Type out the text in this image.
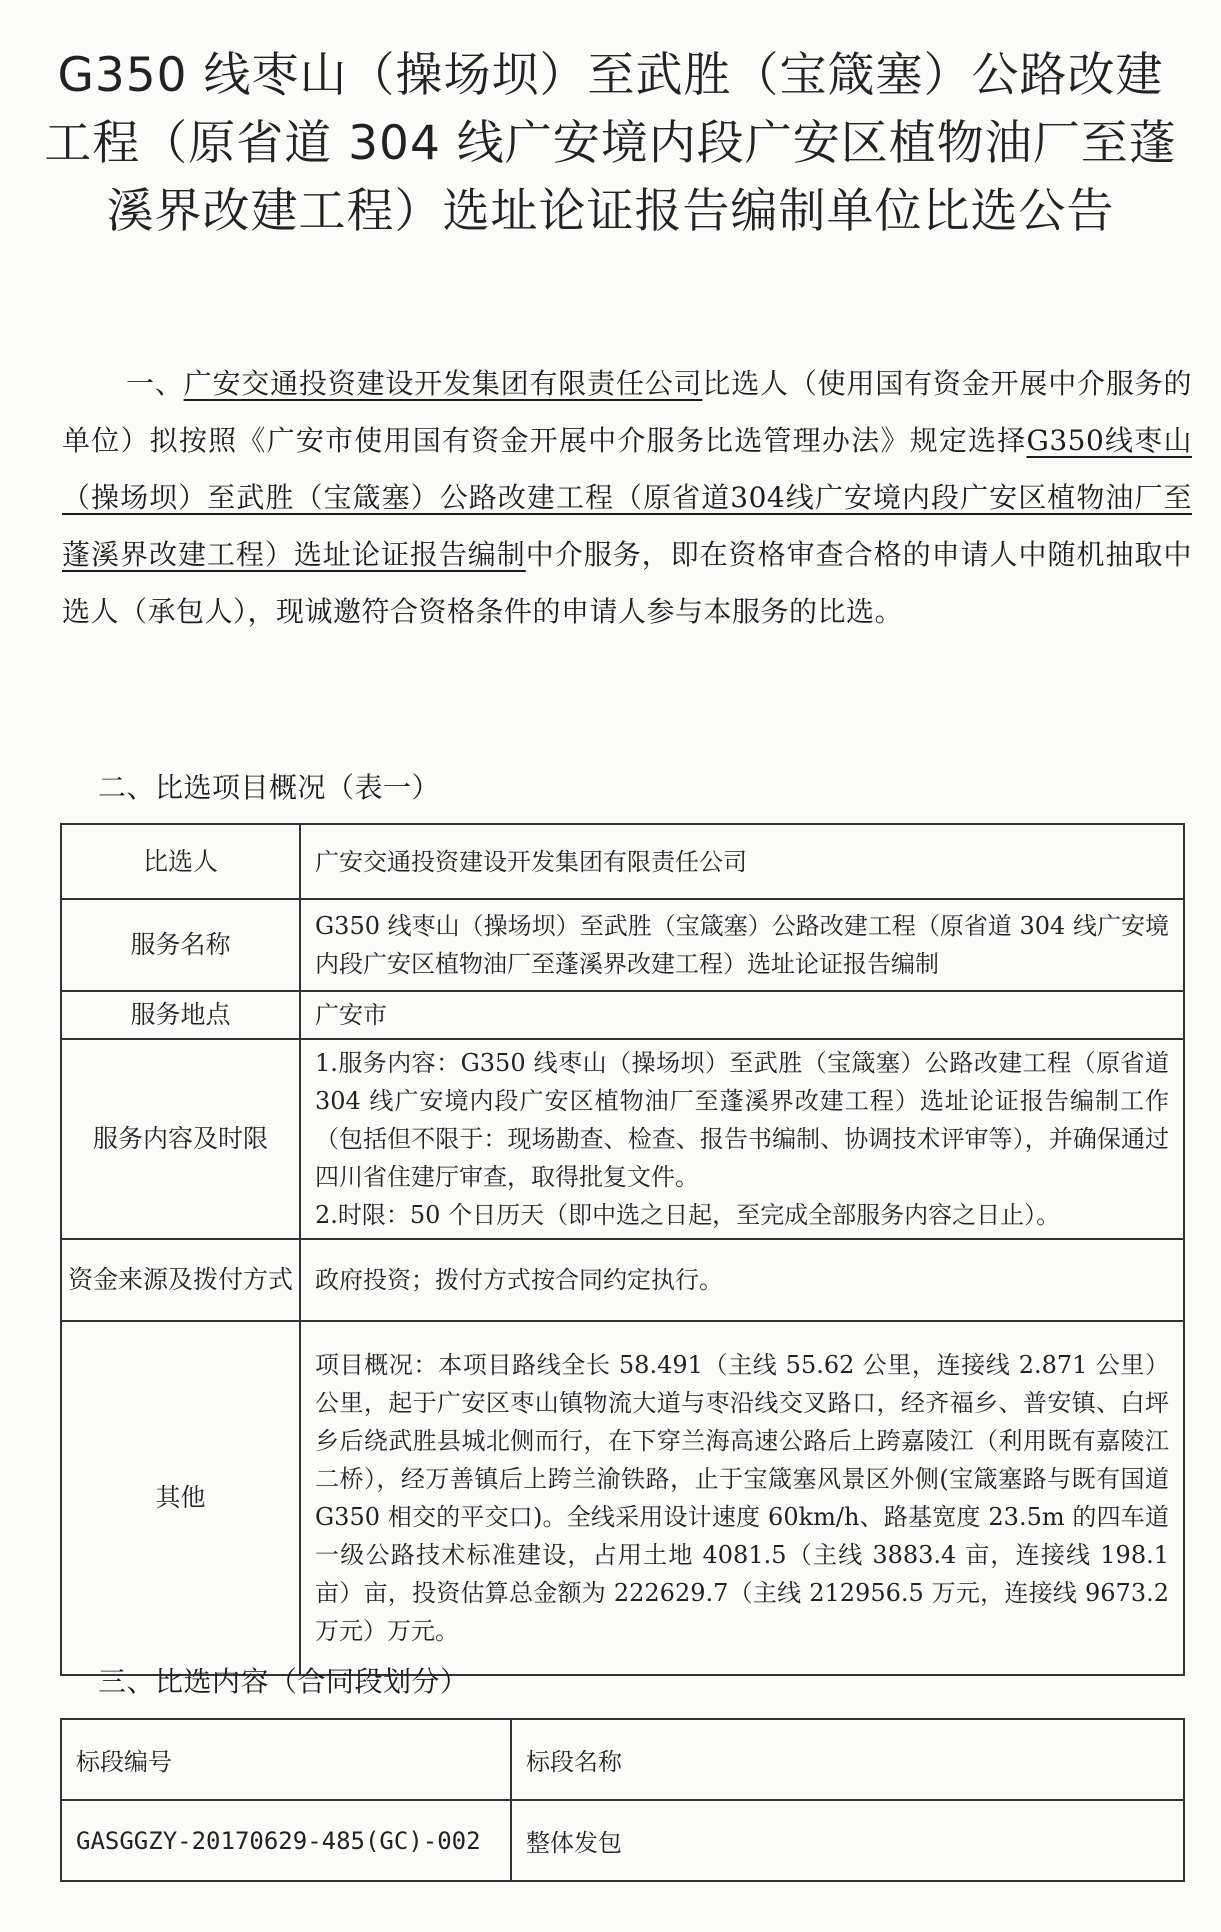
G350 线枣山（操场坝）至武胜（宝箴塞）公路改建
工程（原省道 304 线广安境内段广安区植物油厂至蓬
溪界改建工程）选址论证报告编制单位比选公告

一、广安交通投资建设开发集团有限责任公司比选人（使用国有资金开展中介服务的单位）拟按照《广安市使用国有资金开展中介服务比选管理办法》规定选择G350线枣山（操场坝）至武胜（宝箴塞）公路改建工程（原省道304线广安境内段广安区植物油厂至蓬溪界改建工程）选址论证报告编制中介服务，即在资格审查合格的申请人中随机抽取中选人（承包人），现诚邀符合资格条件的申请人参与本服务的比选。

二、比选项目概况（表一）
比选人	广安交通投资建设开发集团有限责任公司
服务名称	G350 线枣山（操场坝）至武胜（宝箴塞）公路改建工程（原省道 304 线广安境内段广安区植物油厂至蓬溪界改建工程）选址论证报告编制
服务地点	广安市
服务内容及时限	1.服务内容：G350 线枣山（操场坝）至武胜（宝箴塞）公路改建工程（原省道 304 线广安境内段广安区植物油厂至蓬溪界改建工程）选址论证报告编制工作（包括但不限于：现场勘查、检查、报告书编制、协调技术评审等），并确保通过四川省住建厅审查，取得批复文件。
2.时限：50 个日历天（即中选之日起，至完成全部服务内容之日止）。

资金来源及拨付方式	政府投资；拨付方式按合同约定执行。
其他	项目概况：本项目路线全长 58.491（主线 55.62 公里，连接线 2.871 公里）公里，起于广安区枣山镇物流大道与枣沿线交叉路口，经齐福乡、普安镇、白坪乡后绕武胜县城北侧而行，在下穿兰海高速公路后上跨嘉陵江（利用既有嘉陵江二桥），经万善镇后上跨兰渝铁路，止于宝箴塞风景区外侧(宝箴塞路与既有国道 G350 相交的平交口)。全线采用设计速度 60km/h、路基宽度 23.5m 的四车道一级公路技术标准建设，占用土地 4081.5（主线 3883.4 亩，连接线 198.1 亩）亩，投资估算总金额为 222629.7（主线 212956.5 万元，连接线 9673.2 万元）万元。
三、比选内容（合同段划分）
标段编号	标段名称
GASGGZY-20170629-485(GC)-002	整体发包
